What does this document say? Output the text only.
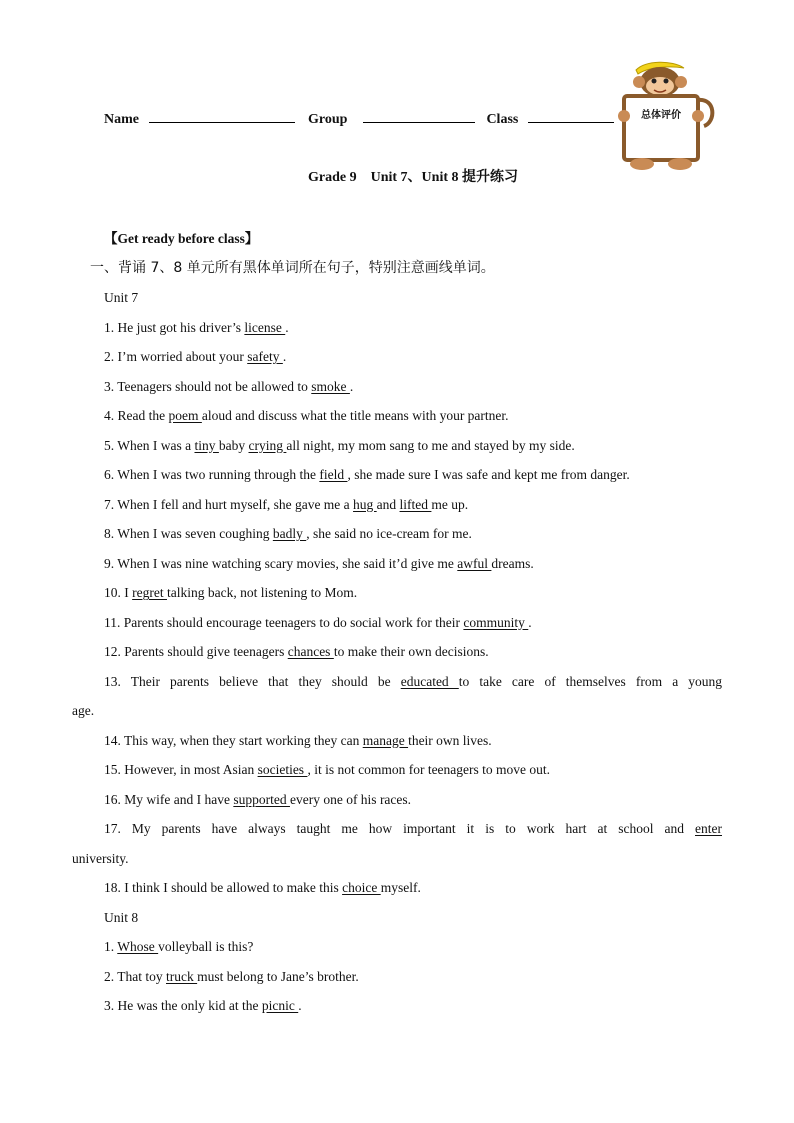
Name	Group	Class	总体评价
Grade 9　Unit 7、Unit 8 提升练习
【Get ready before class】
一、背诵 7、8 单元所有黑体单词所在句子，特别注意画线单词。
Unit 7
1. He just got his driver’s license .
2. I’m worried about your safety .
3. Teenagers should not be allowed to smoke .
4. Read the poem aloud and discuss what the title means with your partner.
5. When I was a tiny baby crying all night, my mom sang to me and stayed by my side.
6. When I was two running through the field , she made sure I was safe and kept me from danger.
7. When I fell and hurt myself, she gave me a hug and lifted me up.
8. When I was seven coughing badly , she said no ice-cream for me.
9. When I was nine watching scary movies, she said it’d give me awful dreams.
10. I regret talking back, not listening to Mom.
11. Parents should encourage teenagers to do social work for their community .
12. Parents should give teenagers chances to make their own decisions.
13. Their parents believe that they should be educated to take care of themselves from a young
age.
14. This way, when they start working they can manage their own lives.
15. However, in most Asian societies , it is not common for teenagers to move out.
16. My wife and I have supported every one of his races.
17. My parents have always taught me how important it is to work hart at school and enter
university.
18. I think I should be allowed to make this choice myself.
Unit 8
1. Whose volleyball is this?
2. That toy truck must belong to Jane’s brother.
3. He was the only kid at the picnic .
